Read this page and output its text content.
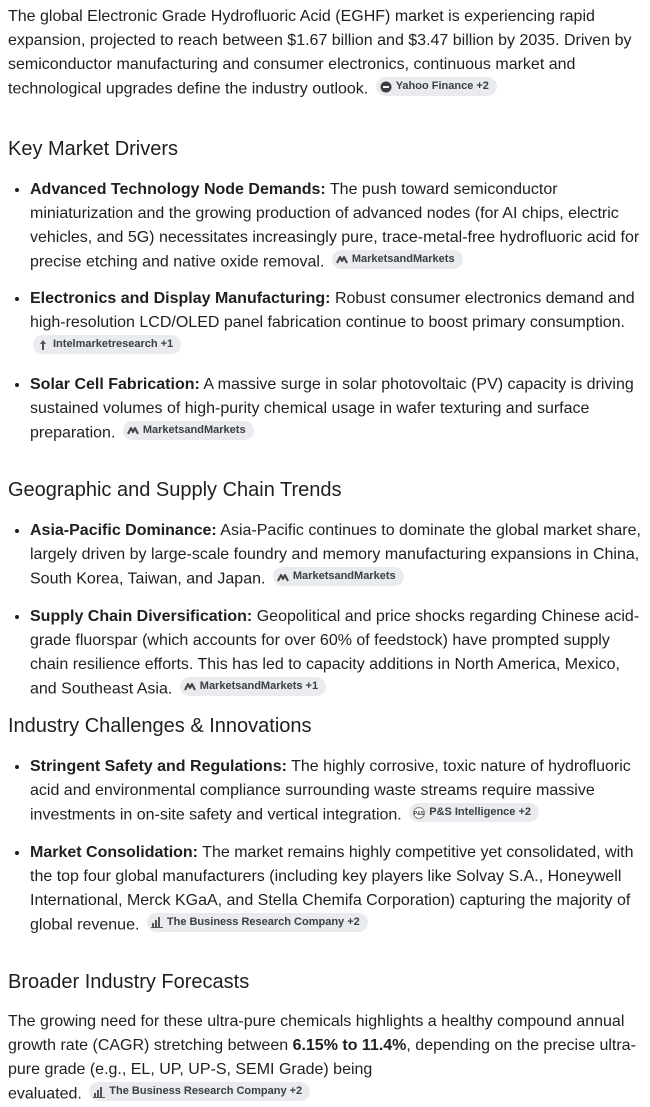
The global Electronic Grade Hydrofluoric Acid (EGHF) market is experiencing rapid expansion, projected to reach between $1.67 billion and $3.47 billion by 2035. Driven by semiconductor manufacturing and consumer electronics, continuous market and technological upgrades define the industry outlook. Yahoo Finance +2

Key Market Drivers
• Advanced Technology Node Demands: The push toward semiconductor miniaturization and the growing production of advanced nodes (for AI chips, electric vehicles, and 5G) necessitates increasingly pure, trace-metal-free hydrofluoric acid for precise etching and native oxide removal. MarketsandMarkets
• Electronics and Display Manufacturing: Robust consumer electronics demand and high-resolution LCD/OLED panel fabrication continue to boost primary consumption.
Intelmarketresearch +1
• Solar Cell Fabrication: A massive surge in solar photovoltaic (PV) capacity is driving sustained volumes of high-purity chemical usage in wafer texturing and surface preparation. MarketsandMarkets
Geographic and Supply Chain Trends
• Asia-Pacific Dominance: Asia-Pacific continues to dominate the global market share, largely driven by large-scale foundry and memory manufacturing expansions in China, South Korea, Taiwan, and Japan. MarketsandMarkets
• Supply Chain Diversification: Geopolitical and price shocks regarding Chinese acid-grade fluorspar (which accounts for over 60% of feedstock) have prompted supply chain resilience efforts. This has led to capacity additions in North America, Mexico, and Southeast Asia. MarketsandMarkets +1
Industry Challenges & Innovations
• Stringent Safety and Regulations: The highly corrosive, toxic nature of hydrofluoric acid and environmental compliance surrounding waste streams require massive investments in on-site safety and vertical integration. P&S P&S Intelligence +2
• Market Consolidation: The market remains highly competitive yet consolidated, with the top four global manufacturers (including key players like Solvay S.A., Honeywell International, Merck KGaA, and Stella Chemifa Corporation) capturing the majority of global revenue. The Business Research Company +2
Broader Industry Forecasts

The growing need for these ultra-pure chemicals highlights a healthy compound annual growth rate (CAGR) stretching between 6.15% to 11.4%, depending on the precise ultra-pure grade (e.g., EL, UP, UP-S, SEMI Grade) being
evaluated. The Business Research Company +2
